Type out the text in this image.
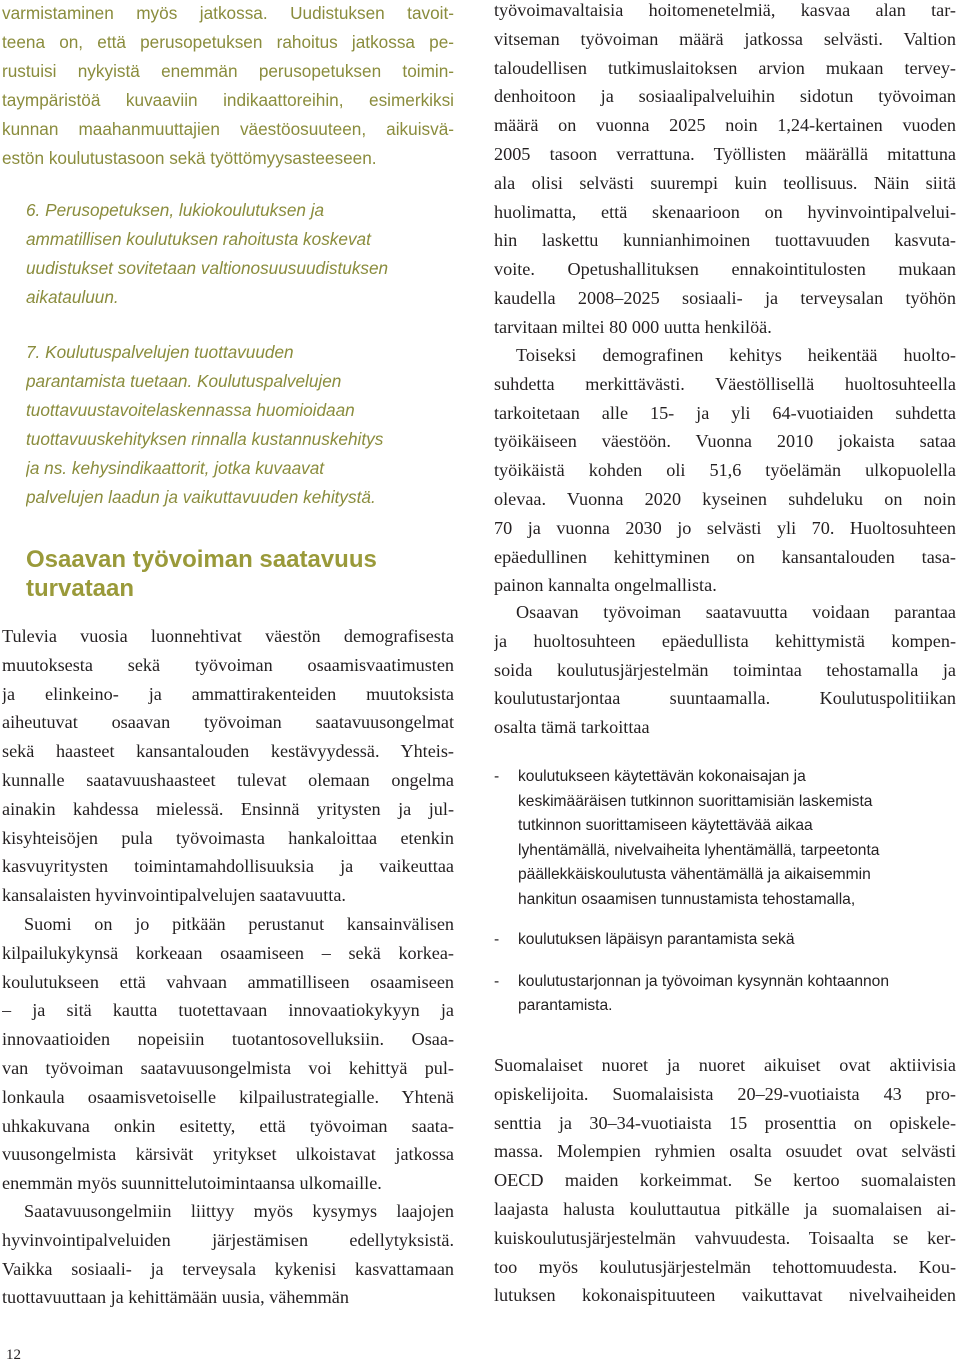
varmistaminen myös jatkossa. Uudistuksen tavoit-
teena on, että perusopetuksen rahoitus jatkossa pe-
rustuisi nykyistä enemmän perusopetuksen toimin-
taympäristöä kuvaaviin indikaattoreihin, esimerkiksi
kunnan maahanmuuttajien väestöosuuteen, aikuisvä-
estön koulutustasoon sekä työttömyysasteeseen.
6. Perusopetuksen, lukiokoulutuksen ja
ammatillisen koulutuksen rahoitusta koskevat
uudistukset sovitetaan valtionosuusuudistuksen
aikatauluun.
7. Koulutuspalvelujen tuottavuuden
parantamista tuetaan. Koulutuspalvelujen
tuottavuustavoitelaskennassa huomioidaan
tuottavuuskehityksen rinnalla kustannuskehitys
ja ns. kehysindikaattorit, jotka kuvaavat
palvelujen laadun ja vaikuttavuuden kehitystä.
Osaavan työvoiman saatavuus
turvataan
Tulevia vuosia luonnehtivat väestön demografisesta
muutoksesta sekä työvoiman osaamisvaatimusten
ja elinkeino- ja ammattirakenteiden muutoksista
aiheutuvat osaavan työvoiman saatavuusongelmat
sekä haasteet kansantalouden kestävyydessä. Yhteis-
kunnalle saatavuushaasteet tulevat olemaan ongelma
ainakin kahdessa mielessä. Ensinnä yritysten ja jul-
kisyhteisöjen pula työvoimasta hankaloittaa etenkin
kasvuyritysten toimintamahdollisuuksia ja vaikeuttaa
kansalaisten hyvinvointipalvelujen saatavuutta.
Suomi on jo pitkään perustanut kansainvälisen
kilpailukykynsä korkeaan osaamiseen – sekä korkea-
koulutukseen että vahvaan ammatilliseen osaamiseen
– ja sitä kautta tuotettavaan innovaatiokykyyn ja
innovaatioiden nopeisiin tuotantosovelluksiin. Osaa-
van työvoiman saatavuusongelmista voi kehittyä pul-
lonkaula osaamisvetoiselle kilpailustrategialle. Yhtenä
uhkakuvana onkin esitetty, että työvoiman saata-
vuusongelmista kärsivät yritykset ulkoistavat jatkossa
enemmän myös suunnittelutoimintaansa ulkomaille.
Saatavuusongelmiin liittyy myös kysymys laajojen
hyvinvointipalveluiden järjestämisen edellytyksistä.
Vaikka sosiaali- ja terveysala kykenisi kasvattamaan
tuottavuuttaan ja kehittämään uusia, vähemmän
työvoimavaltaisia hoitomenetelmiä, kasvaa alan tar-
vitseman työvoiman määrä jatkossa selvästi. Valtion
taloudellisen tutkimuslaitoksen arvion mukaan tervey-
denhoitoon ja sosiaalipalveluihin sidotun työvoiman
määrä on vuonna 2025 noin 1,24-kertainen vuoden
2005 tasoon verrattuna. Työllisten määrällä mitattuna
ala olisi selvästi suurempi kuin teollisuus. Näin siitä
huolimatta, että skenaarioon on hyvinvointipalvelui-
hin laskettu kunnianhimoinen tuottavuuden kasvuta-
voite. Opetushallituksen ennakointitulosten mukaan
kaudella 2008–2025 sosiaali- ja terveysalan työhön
tarvitaan miltei 80 000 uutta henkilöä.
Toiseksi demografinen kehitys heikentää huolto-
suhdetta merkittävästi. Väestöllisellä huoltosuhteella
tarkoitetaan alle 15- ja yli 64-vuotiaiden suhdetta
työikäiseen väestöön. Vuonna 2010 jokaista sataa
työikäistä kohden oli 51,6 työelämän ulkopuolella
olevaa. Vuonna 2020 kyseinen suhdeluku on noin
70 ja vuonna 2030 jo selvästi yli 70. Huoltosuhteen
epäedullinen kehittyminen on kansantalouden tasa-
painon kannalta ongelmallista.
Osaavan työvoiman saatavuutta voidaan parantaa
ja huoltosuhteen epäedullista kehittymistä kompen-
soida koulutusjärjestelmän toimintaa tehostamalla ja
koulutustarjontaa suuntaamalla. Koulutuspolitiikan
osalta tämä tarkoittaa
- koulutukseen käytettävän kokonaisajan ja
keskimääräisen tutkinnon suorittamisiän laskemista
tutkinnon suorittamiseen käytettävää aikaa
lyhentämällä, nivelvaiheita lyhentämällä, tarpeetonta
päällekkäiskoulutusta vähentämällä ja aikaisemmin
hankitun osaamisen tunnustamista tehostamalla,
- koulutuksen läpäisyn parantamista sekä
- koulutustarjonnan ja työvoiman kysynnän kohtaannon
parantamista.
Suomalaiset nuoret ja nuoret aikuiset ovat aktiivisia
opiskelijoita. Suomalaisista 20–29-vuotiaista 43 pro-
senttia ja 30–34-vuotiaista 15 prosenttia on opiskele-
massa. Molempien ryhmien osalta osuudet ovat selvästi
OECD maiden korkeimmat. Se kertoo suomalaisten
laajasta halusta kouluttautua pitkälle ja suomalaisen ai-
kuiskoulutusjärjestelmän vahvuudesta. Toisaalta se ker-
too myös koulutusjärjestelmän tehottomuudesta. Kou-
lutuksen kokonaispituuteen vaikuttavat nivelvaiheiden
12
